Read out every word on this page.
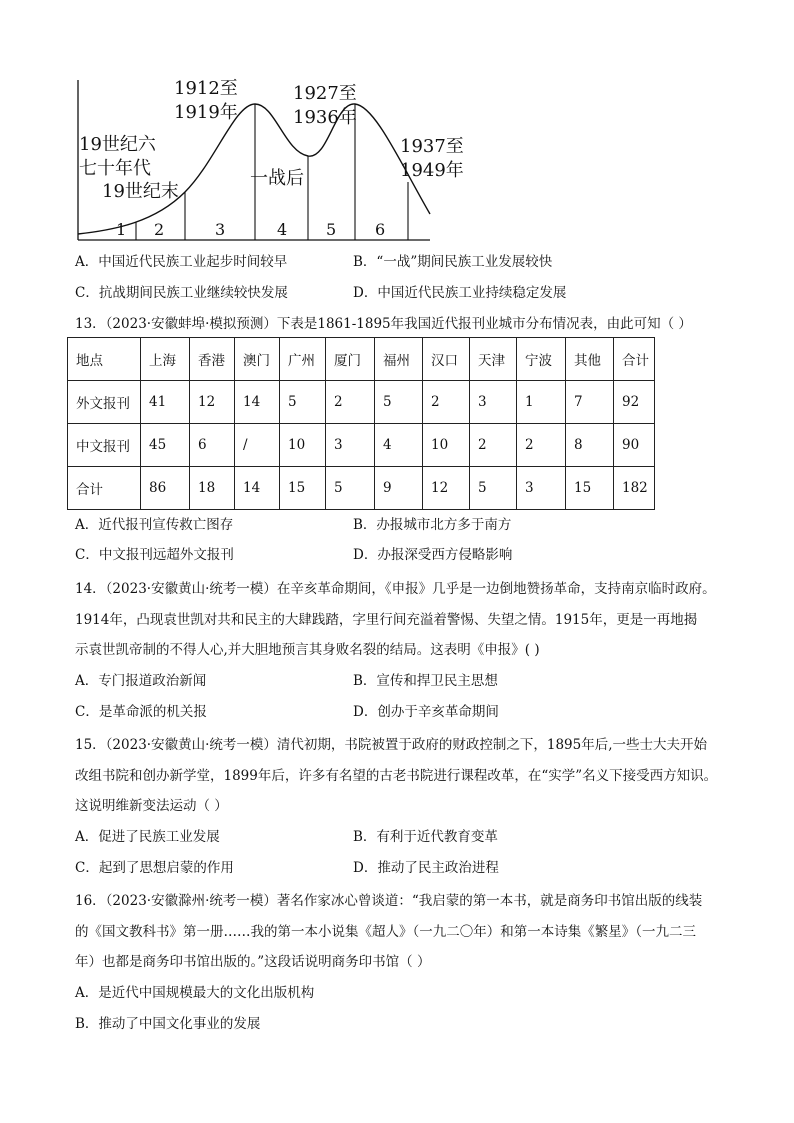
1 2	3	4 5 6
19世纪六
七十年代
19世纪末
1912至
1919年
1927至
1936年
一战后
1937至
1949年
A．中国近代民族工业起步时间较早	B．“一战”期间民族工业发展较快
C．抗战期间民族工业继续较快发展	D．中国近代民族工业持续稳定发展
13．（2023·安徽蚌埠·模拟预测）下表是1861-1895年我国近代报刊业城市分布情况表，由此可知（ ）
地点	上海	香港	澳门	广州	厦门	福州	汉口	天津	宁波	其他	合计
外文报刊	41	12	14	5	2	5	2	3	1	7	92
中文报刊	45	6	/	10	3	4	10	2	2	8	90
合计	86	18	14	15	5	9	12	5	3	15	182
A．近代报刊宣传救亡图存	B．办报城市北方多于南方
C．中文报刊远超外文报刊	D．办报深受西方侵略影响
14．（2023·安徽黄山·统考一模）在辛亥革命期间，《申报》几乎是一边倒地赞扬革命，支持南京临时政府。
1914年，凸现袁世凯对共和民主的大肆践踏，字里行间充溢着警惕、失望之情。1915年，更是一再地揭
示袁世凯帝制的不得人心,并大胆地预言其身败名裂的结局。这表明《申报》( )
A．专门报道政治新闻	B．宣传和捍卫民主思想
C．是革命派的机关报	D．创办于辛亥革命期间
15．（2023·安徽黄山·统考一模）清代初期，书院被置于政府的财政控制之下，1895年后,一些士大夫开始
改组书院和创办新学堂，1899年后，许多有名望的古老书院进行课程改革，在“实学”名义下接受西方知识。
这说明维新变法运动（ ）
A．促进了民族工业发展	B．有利于近代教育变革
C．起到了思想启蒙的作用	D．推动了民主政治进程
16．（2023·安徽滁州·统考一模）著名作家冰心曾谈道：“我启蒙的第一本书，就是商务印书馆出版的线装
的《国文教科书》第一册……我的第一本小说集《超人》（一九二〇年）和第一本诗集《繁星》（一九二三
年）也都是商务印书馆出版的。”这段话说明商务印书馆（ ）
A．是近代中国规模最大的文化出版机构
B．推动了中国文化事业的发展
